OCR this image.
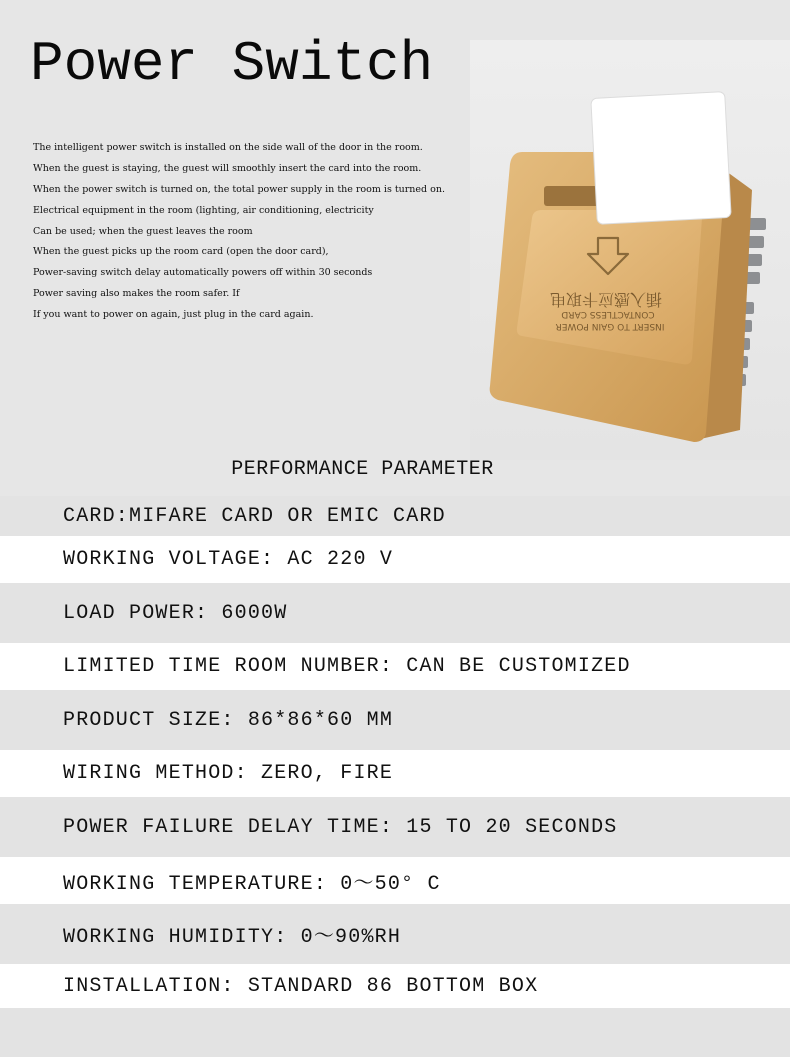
Power Switch
The intelligent power switch is installed on the side wall of the door in the room.
When the guest is staying, the guest will smoothly insert the card into the room.
When the power switch is turned on, the total power supply in the room is turned on.
Electrical equipment in the room (lighting, air conditioning, electricity
Can be used; when the guest leaves the room
When the guest picks up the room card (open the door card),
Power-saving switch delay automatically powers off within 30 seconds
Power saving also makes the room safer. If
If you want to power on again, just plug in the card again.
插入感应卡取电
CONTACTLESS CARD
INSERT TO GAIN POWER
PERFORMANCE PARAMETER
CARD:MIFARE CARD OR EMIC CARD
WORKING VOLTAGE: AC 220 V
LOAD POWER: 6000W
LIMITED TIME ROOM NUMBER: CAN BE CUSTOMIZED
PRODUCT SIZE: 86*86*60 MM
WIRING METHOD: ZERO, FIRE
POWER FAILURE DELAY TIME: 15 TO 20 SECONDS
WORKING TEMPERATURE: 0～50° C
WORKING HUMIDITY: 0～90%RH
INSTALLATION: STANDARD 86 BOTTOM BOX
